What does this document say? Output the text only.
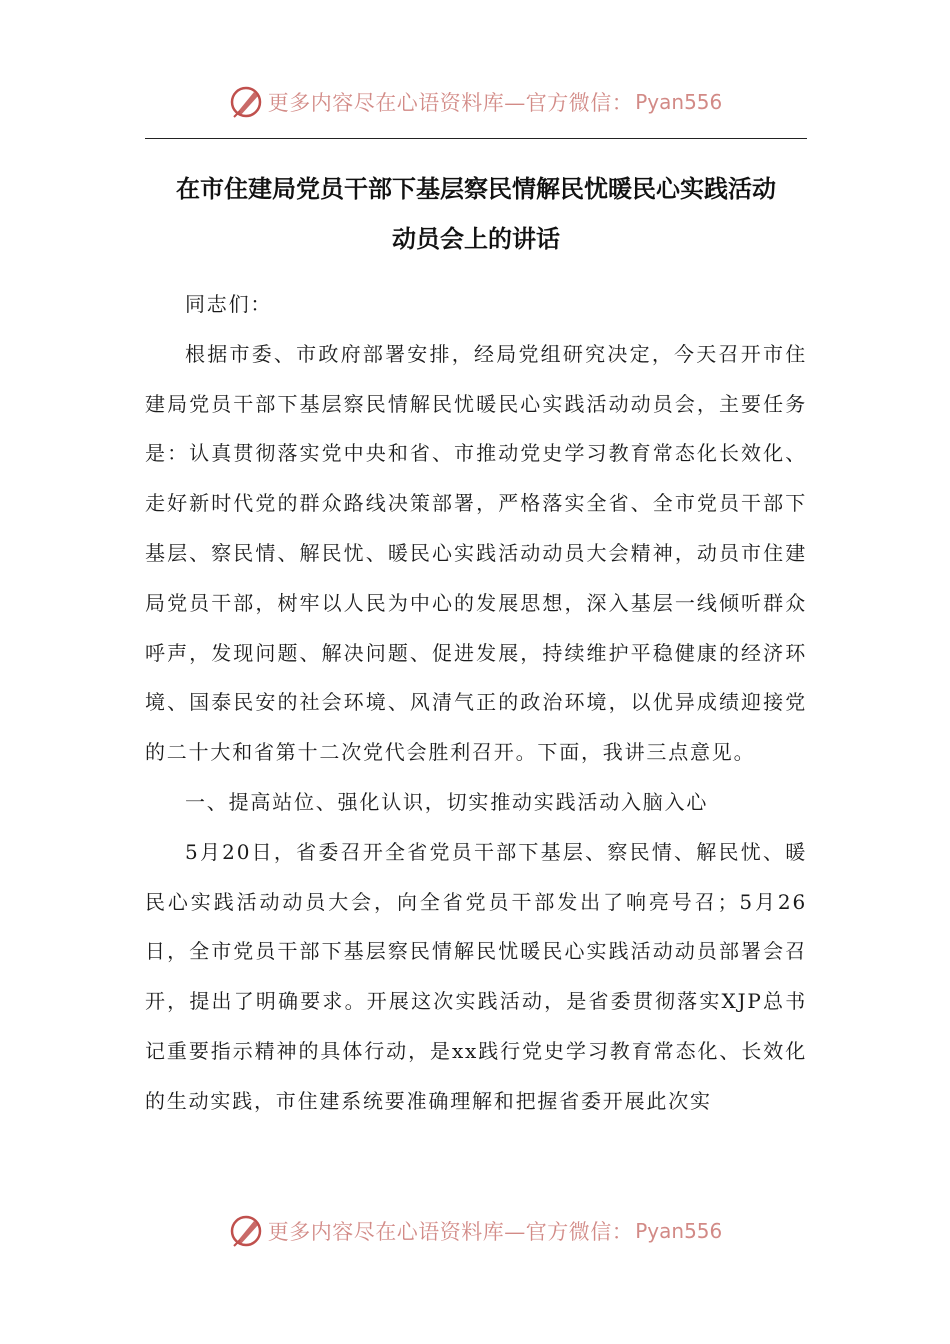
更多内容尽在心语资料库—官方微信： Pyan556
在市住建局党员干部下基层察民情解民忧暖民心实践活动
动员会上的讲话

同志们：

根据市委、市政府部署安排，经局党组研究决定，今天召开市住建局党员干部下基层察民情解民忧暖民心实践活动动员会，主要任务是：认真贯彻落实党中央和省、市推动党史学习教育常态化长效化、走好新时代党的群众路线决策部署，严格落实全省、全市党员干部下基层、察民情、解民忧、暖民心实践活动动员大会精神，动员市住建局党员干部，树牢以人民为中心的发展思想，深入基层一线倾听群众呼声，发现问题、解决问题、促进发展，持续维护平稳健康的经济环境、国泰民安的社会环境、风清气正的政治环境，以优异成绩迎接党的二十大和省第十二次党代会胜利召开。下面，我讲三点意见。

一、提高站位、强化认识，切实推动实践活动入脑入心

5月20日，省委召开全省党员干部下基层、察民情、解民忧、暖民心实践活动动员大会，向全省党员干部发出了响亮号召；5月26日，全市党员干部下基层察民情解民忧暖民心实践活动动员部署会召开，提出了明确要求。开展这次实践活动，是省委贯彻落实XJP总书记重要指示精神的具体行动，是xx践行党史学习教育常态化、长效化的生动实践，市住建系统要准确理解和把握省委开展此次实

更多内容尽在心语资料库—官方微信： Pyan556
